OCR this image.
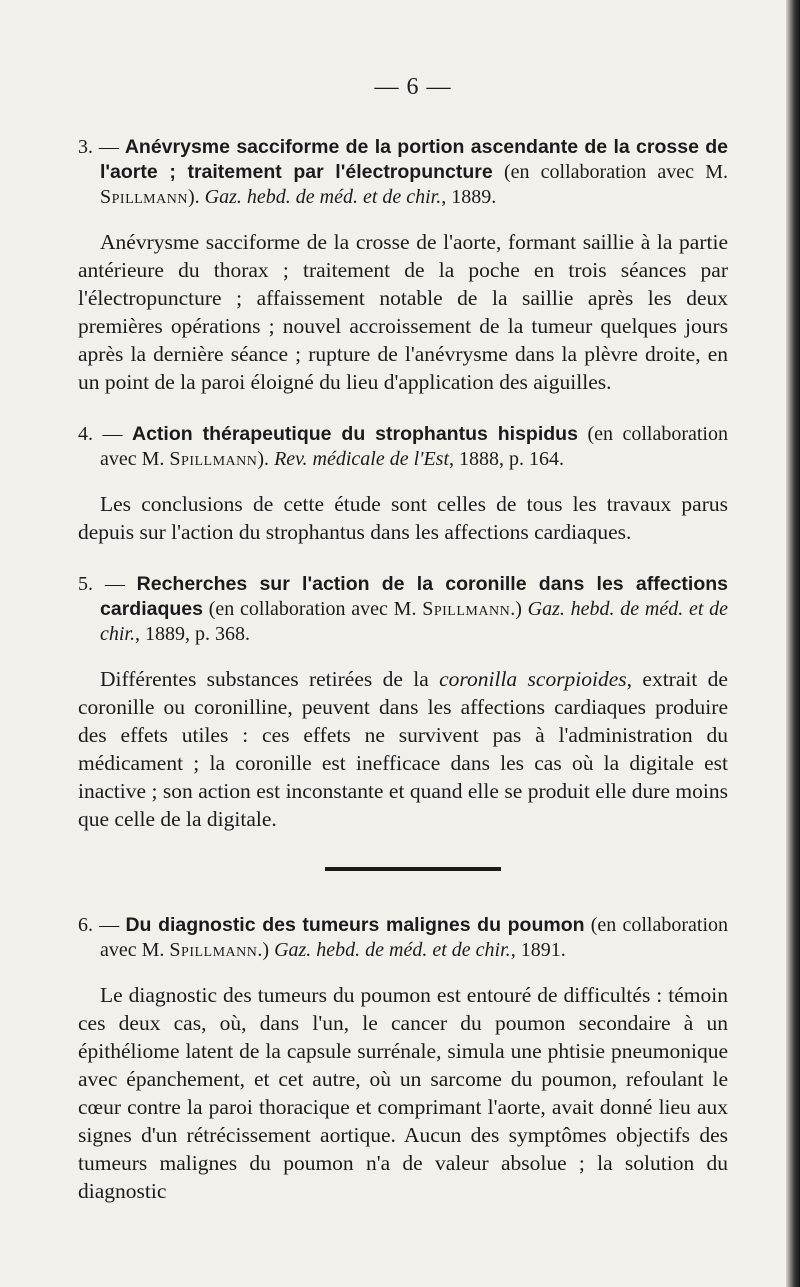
— 6 —

3. — Anévrysme sacciforme de la portion ascendante de la crosse de l'aorte ; traitement par l'électropuncture (en collaboration avec M. Spillmann). Gaz. hebd. de méd. et de chir., 1889.

Anévrysme sacciforme de la crosse de l'aorte, formant saillie à la partie antérieure du thorax ; traitement de la poche en trois séances par l'électropuncture ; affaissement notable de la saillie après les deux premières opérations ; nouvel accroissement de la tumeur quelques jours après la dernière séance ; rupture de l'anévrysme dans la plèvre droite, en un point de la paroi éloigné du lieu d'application des aiguilles.

4. — Action thérapeutique du strophantus hispidus (en collaboration avec M. Spillmann). Rev. médicale de l'Est, 1888, p. 164.

Les conclusions de cette étude sont celles de tous les travaux parus depuis sur l'action du strophantus dans les affections cardiaques.

5. — Recherches sur l'action de la coronille dans les affections cardiaques (en collaboration avec M. Spillmann.) Gaz. hebd. de méd. et de chir., 1889, p. 368.

Différentes substances retirées de la coronilla scorpioides, extrait de coronille ou coronilline, peuvent dans les affections cardiaques produire des effets utiles : ces effets ne survivent pas à l'administration du médicament ; la coronille est inefficace dans les cas où la digitale est inactive ; son action est inconstante et quand elle se produit elle dure moins que celle de la digitale.

6. — Du diagnostic des tumeurs malignes du poumon (en collaboration avec M. Spillmann.) Gaz. hebd. de méd. et de chir., 1891.

Le diagnostic des tumeurs du poumon est entouré de difficultés : témoin ces deux cas, où, dans l'un, le cancer du poumon secondaire à un épithéliome latent de la capsule surrénale, simula une phtisie pneumonique avec épanchement, et cet autre, où un sarcome du poumon, refoulant le cœur contre la paroi thoracique et comprimant l'aorte, avait donné lieu aux signes d'un rétrécissement aortique. Aucun des symptômes objectifs des tumeurs malignes du poumon n'a de valeur absolue ; la solution du diagnostic
